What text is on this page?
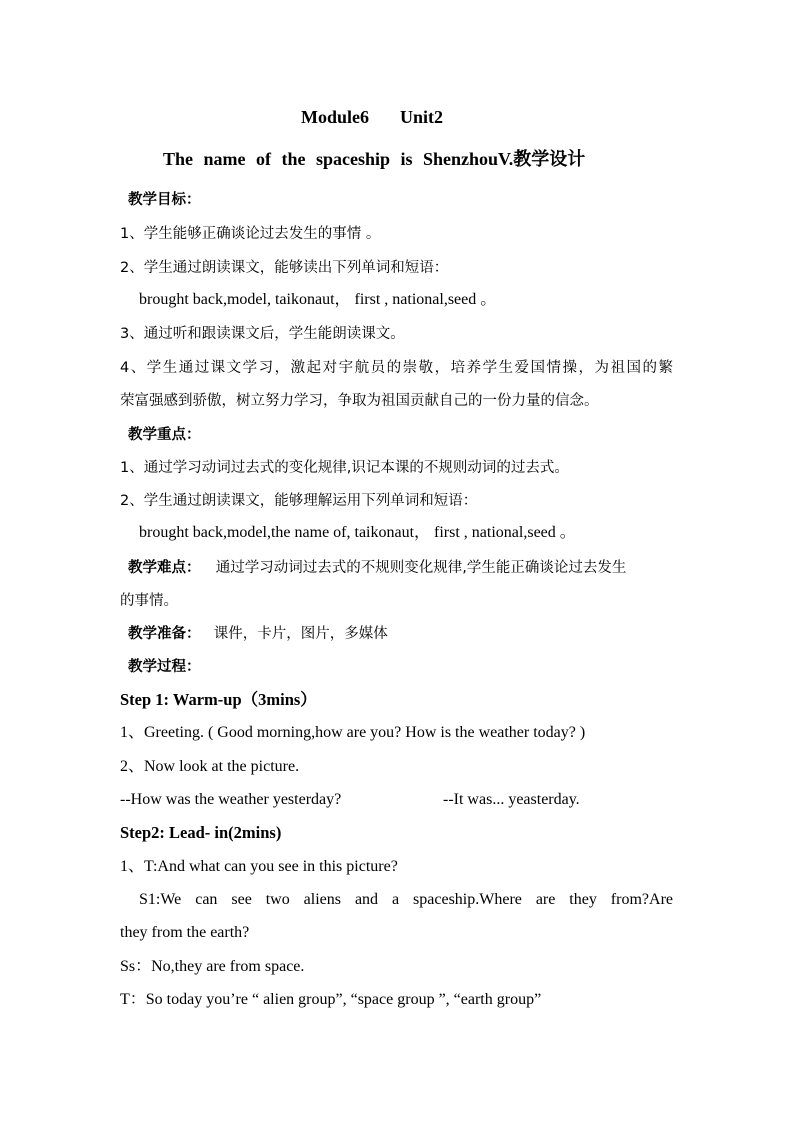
Module6 Unit2
The name of the spaceship is ShenzhouV.教学设计
教学目标：
1、学生能够正确谈论过去发生的事情 。
2、学生通过朗读课文，能够读出下列单词和短语：
brought back,model, taikonaut， first , national,seed 。
3、通过听和跟读课文后，学生能朗读课文。
4、学生通过课文学习，激起对宇航员的崇敬，培养学生爱国情操，为祖国的繁
荣富强感到骄傲，树立努力学习，争取为祖国贡献自己的一份力量的信念。
教学重点：
1、通过学习动词过去式的变化规律,识记本课的不规则动词的过去式。
2、学生通过朗读课文，能够理解运用下列单词和短语：
brought back,model,the name of, taikonaut， first , national,seed 。
教学难点： 通过学习动词过去式的不规则变化规律,学生能正确谈论过去发生
的事情。
教学准备： 课件，卡片，图片，多媒体
教学过程：
Step 1: Warm-up（3mins）
1、Greeting. ( Good morning,how are you? How is the weather today? )
2、Now look at the picture.
--How was the weather yesterday?	--It was... yeasterday.
Step2: Lead- in(2mins)
1、T:And what can you see in this picture?
S1:We can see two aliens and a spaceship.Where are they from?Are
they from the earth?
Ss：No,they are from space.
T：So today you’re “ alien group”, “space group ”, “earth group”
